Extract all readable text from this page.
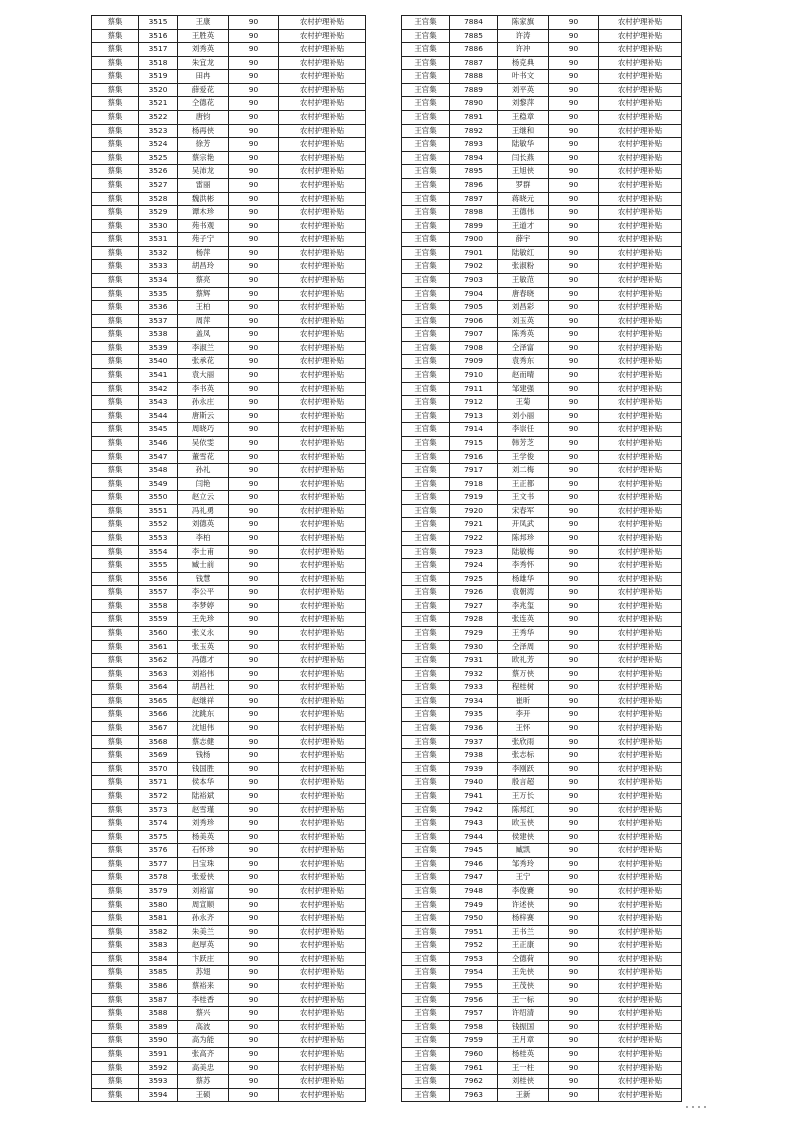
蔡集	3515	王康	90	农村护理补贴
蔡集	3516	王胜英	90	农村护理补贴
蔡集	3517	刘秀英	90	农村护理补贴
蔡集	3518	朱宜龙	90	农村护理补贴
蔡集	3519	田冉	90	农村护理补贴
蔡集	3520	薛爱花	90	农村护理补贴
蔡集	3521	仝德花	90	农村护理补贴
蔡集	3522	唐钧	90	农村护理补贴
蔡集	3523	杨再侠	90	农村护理补贴
蔡集	3524	徐芳	90	农村护理补贴
蔡集	3525	蔡宗艳	90	农村护理补贴
蔡集	3526	吴沛龙	90	农村护理补贴
蔡集	3527	雷丽	90	农村护理补贴
蔡集	3528	魏洪彬	90	农村护理补贴
蔡集	3529	谭木珍	90	农村护理补贴
蔡集	3530	苑书观	90	农村护理补贴
蔡集	3531	苑子宁	90	农村护理补贴
蔡集	3532	杨萍	90	农村护理补贴
蔡集	3533	胡昌玲	90	农村护理补贴
蔡集	3534	蔡亮	90	农村护理补贴
蔡集	3535	蔡辉	90	农村护理补贴
蔡集	3536	王柏	90	农村护理补贴
蔡集	3537	周萍	90	农村护理补贴
蔡集	3538	盖凤	90	农村护理补贴
蔡集	3539	李淑兰	90	农村护理补贴
蔡集	3540	张承花	90	农村护理补贴
蔡集	3541	袁大丽	90	农村护理补贴
蔡集	3542	李书英	90	农村护理补贴
蔡集	3543	孙永庄	90	农村护理补贴
蔡集	3544	唐斯云	90	农村护理补贴
蔡集	3545	周晓巧	90	农村护理补贴
蔡集	3546	吴依雯	90	农村护理补贴
蔡集	3547	董雪花	90	农村护理补贴
蔡集	3548	孙礼	90	农村护理补贴
蔡集	3549	闫艳	90	农村护理补贴
蔡集	3550	赵立云	90	农村护理补贴
蔡集	3551	冯礼勇	90	农村护理补贴
蔡集	3552	刘德英	90	农村护理补贴
蔡集	3553	李柏	90	农村护理补贴
蔡集	3554	李士甫	90	农村护理补贴
蔡集	3555	臧士前	90	农村护理补贴
蔡集	3556	钱慧	90	农村护理补贴
蔡集	3557	李公平	90	农村护理补贴
蔡集	3558	李梦婷	90	农村护理补贴
蔡集	3559	王先珍	90	农村护理补贴
蔡集	3560	张义永	90	农村护理补贴
蔡集	3561	张玉英	90	农村护理补贴
蔡集	3562	冯德才	90	农村护理补贴
蔡集	3563	刘裕伟	90	农村护理补贴
蔡集	3564	胡昌社	90	农村护理补贴
蔡集	3565	赵继祥	90	农村护理补贴
蔡集	3566	沈跳东	90	农村护理补贴
蔡集	3567	沈旭伟	90	农村护理补贴
蔡集	3568	蔡志健	90	农村护理补贴
蔡集	3569	钱杨	90	农村护理补贴
蔡集	3570	钱国胜	90	农村护理补贴
蔡集	3571	侯本华	90	农村护理补贴
蔡集	3572	陆裕斌	90	农村护理补贴
蔡集	3573	赵雪瑾	90	农村护理补贴
蔡集	3574	刘秀珍	90	农村护理补贴
蔡集	3575	杨美英	90	农村护理补贴
蔡集	3576	石怀珍	90	农村护理补贴
蔡集	3577	吕宝珠	90	农村护理补贴
蔡集	3578	张爱侠	90	农村护理补贴
蔡集	3579	刘裕富	90	农村护理补贴
蔡集	3580	周宣顺	90	农村护理补贴
蔡集	3581	孙永齐	90	农村护理补贴
蔡集	3582	朱美兰	90	农村护理补贴
蔡集	3583	赵厚英	90	农村护理补贴
蔡集	3584	卞跃庄	90	农村护理补贴
蔡集	3585	苏翅	90	农村护理补贴
蔡集	3586	蔡裕来	90	农村护理补贴
蔡集	3587	李桂香	90	农村护理补贴
蔡集	3588	蔡兴	90	农村护理补贴
蔡集	3589	高波	90	农村护理补贴
蔡集	3590	高为能	90	农村护理补贴
蔡集	3591	张高齐	90	农村护理补贴
蔡集	3592	高美忠	90	农村护理补贴
蔡集	3593	蔡苏	90	农村护理补贴
蔡集	3594	王硕	90	农村护理补贴
王官集	7884	陈家旗	90	农村护理补贴
王官集	7885	许涛	90	农村护理补贴
王官集	7886	许冲	90	农村护理补贴
王官集	7887	杨克典	90	农村护理补贴
王官集	7888	叶书文	90	农村护理补贴
王官集	7889	刘平英	90	农村护理补贴
王官集	7890	刘黎萍	90	农村护理补贴
王官集	7891	王稳章	90	农村护理补贴
王官集	7892	王继和	90	农村护理补贴
王官集	7893	陆敏华	90	农村护理补贴
王官集	7894	闫长燕	90	农村护理补贴
王官集	7895	王旭侠	90	农村护理补贴
王官集	7896	罗群	90	农村护理补贴
王官集	7897	蒋晓元	90	农村护理补贴
王官集	7898	王德伟	90	农村护理补贴
王官集	7899	王道才	90	农村护理补贴
王官集	7900	薛宇	90	农村护理补贴
王官集	7901	陆敏红	90	农村护理补贴
王官集	7902	张淑粉	90	农村护理补贴
王官集	7903	王敏范	90	农村护理补贴
王官集	7904	唐春晓	90	农村护理补贴
王官集	7905	刘昌彩	90	农村护理补贴
王官集	7906	刘玉英	90	农村护理补贴
王官集	7907	陈秀英	90	农村护理补贴
王官集	7908	仝泽富	90	农村护理补贴
王官集	7909	袁秀东	90	农村护理补贴
王官集	7910	赵而晴	90	农村护理补贴
王官集	7911	邹建强	90	农村护理补贴
王官集	7912	王菊	90	农村护理补贴
王官集	7913	刘小丽	90	农村护理补贴
王官集	7914	李崇任	90	农村护理补贴
王官集	7915	韩芳芝	90	农村护理补贴
王官集	7916	王学俊	90	农村护理补贴
王官集	7917	刘二梅	90	农村护理补贴
王官集	7918	王正都	90	农村护理补贴
王官集	7919	王文书	90	农村护理补贴
王官集	7920	宋春军	90	农村护理补贴
王官集	7921	开凤武	90	农村护理补贴
王官集	7922	陈邦珍	90	农村护理补贴
王官集	7923	陆敏梅	90	农村护理补贴
王官集	7924	李秀怀	90	农村护理补贴
王官集	7925	杨雄华	90	农村护理补贴
王官集	7926	袁朝湾	90	农村护理补贴
王官集	7927	李兆玺	90	农村护理补贴
王官集	7928	张连英	90	农村护理补贴
王官集	7929	王秀华	90	农村护理补贴
王官集	7930	仝泽周	90	农村护理补贴
王官集	7931	欧礼芳	90	农村护理补贴
王官集	7932	蔡万侠	90	农村护理补贴
王官集	7933	程桂树	90	农村护理补贴
王官集	7934	崔昕	90	农村护理补贴
王官集	7935	李开	90	农村护理补贴
王官集	7936	王怀	90	农村护理补贴
王官集	7937	张欣雨	90	农村护理补贴
王官集	7938	张志标	90	农村护理补贴
王官集	7939	李刚跃	90	农村护理补贴
王官集	7940	殷言超	90	农村护理补贴
王官集	7941	王万长	90	农村护理补贴
王官集	7942	陈邦红	90	农村护理补贴
王官集	7943	欧玉侠	90	农村护理补贴
王官集	7944	侯建侠	90	农村护理补贴
王官集	7945	臧凯	90	农村护理补贴
王官集	7946	邹秀玲	90	农村护理补贴
王官集	7947	王宁	90	农村护理补贴
王官集	7948	李俊賽	90	农村护理补贴
王官集	7949	许述侠	90	农村护理补贴
王官集	7950	杨梓赛	90	农村护理补贴
王官集	7951	王书兰	90	农村护理补贴
王官集	7952	王正康	90	农村护理补贴
王官集	7953	仝德荷	90	农村护理补贴
王官集	7954	王先侠	90	农村护理补贴
王官集	7955	王茂侠	90	农村护理补贴
王官集	7956	王一标	90	农村护理补贴
王官集	7957	许绍清	90	农村护理补贴
王官集	7958	钱振国	90	农村护理补贴
王官集	7959	王月章	90	农村护理补贴
王官集	7960	杨桂英	90	农村护理补贴
王官集	7961	王一柱	90	农村护理补贴
王官集	7962	刘桂侠	90	农村护理补贴
王官集	7963	王新	90	农村护理补贴
